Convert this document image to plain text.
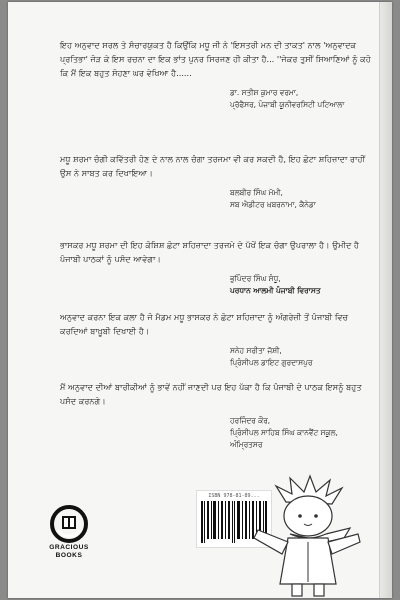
ਇਹ ਅਨੁਵਾਦ ਸਰਲ ਤੇ ਸੰਚਾਰਯੁਕਤ ਹੈ ਕਿਉਂਕਿ ਮਧੂ ਜੀ ਨੇ 'ਇਸਤਰੀ ਮਨ ਦੀ ਤਾਕਤ' ਨਾਲ 'ਅਨੁਵਾਦਕ ਪ੍ਰਤਿਭਾ' ਜੋੜ ਕੇ ਇਸ ਰਚਨਾ ਦਾ ਇਕ ਭਾਂਤ ਪੁਨਰ ਸਿਰਜਣ ਹੀ ਕੀਤਾ ਹੈ... ''ਜੇਕਰ ਤੁਸੀਂ ਸਿਆਣਿਆਂ ਨੂੰ ਕਹੋ ਕਿ ਮੈਂ ਇਕ ਬਹੁਤ ਸੋਹਣਾ ਘਰ ਵੇਖਿਆ ਹੈ......

ਡਾ. ਸਤੀਸ਼ ਕੁਮਾਰ ਵਰਮਾ,

ਪ੍ਰੋਫੈਸਰ, ਪੰਜਾਬੀ ਯੂਨੀਵਰਸਿਟੀ ਪਟਿਆਲਾ

ਮਧੂ ਸ਼ਰਮਾ ਚੰਗੀ ਕਵਿੱਤਰੀ ਹੋਣ ਦੇ ਨਾਲ ਨਾਲ ਚੰਗਾ ਤਰਜਮਾ ਵੀ ਕਰ ਸਕਦੀ ਹੈ, ਇਹ ਛੋਟਾ ਸ਼ਹਿਜ਼ਾਦਾ ਰਾਹੀਂ ਉਸ ਨੇ ਸਾਬਤ ਕਰ ਦਿਖਾਇਆ।

ਬਲਬੀਰ ਸਿੰਘ ਮੋਮੀ,

ਸਬ ਐਡੀਟਰ ਖ਼ਬਰਨਾਮਾ, ਕੈਨੇਡਾ

ਭਾਸਕਰ ਮਧੂ ਸ਼ਰਮਾ ਦੀ ਇਹ ਕੋਸ਼ਿਸ਼ ਛੋਟਾ ਸ਼ਹਿਜ਼ਾਦਾ ਤਰਜਮੇ ਦੇ ਪੱਖੋਂ ਇਕ ਚੰਗਾ ਉਪਰਾਲਾ ਹੈ। ਉਮੀਦ ਹੈ ਪੰਜਾਬੀ ਪਾਠਕਾਂ ਨੂੰ ਪਸੰਦ ਆਵੇਗਾ।

ਭੁਪਿੰਦਰ ਸਿੰਘ ਸੰਧੂ,

ਪਰਧਾਨ ਆਲਮੀ ਪੰਜਾਬੀ ਵਿਰਾਸਤ

ਅਨੁਵਾਦ ਕਰਨਾ ਇਕ ਕਲਾ ਹੈ ਜੋ ਮੈਡਮ ਮਧੂ ਭਾਸਕਰ ਨੇ ਛੋਟਾ ਸ਼ਹਿਜ਼ਾਦਾ ਨੂੰ ਅੰਗਰੇਜ਼ੀ ਤੋਂ ਪੰਜਾਬੀ ਵਿਚ ਕਰਦਿਆਂ ਬਾਖ਼ੂਬੀ ਦਿਖਾਈ ਹੈ।

ਸਨੇਹ ਸਰੀਤਾ ਜੋਸ਼ੀ,

ਪ੍ਰਿੰਸੀਪਲ ਡਾਇਟ ਗੁਰਦਾਸਪੁਰ

ਮੈਂ ਅਨੁਵਾਦ ਦੀਆਂ ਬਾਰੀਕੀਆਂ ਨੂੰ ਭਾਵੇਂ ਨਹੀਂ ਜਾਣਦੀ ਪਰ ਇਹ ਪੱਕਾ ਹੈ ਕਿ ਪੰਜਾਬੀ ਦੇ ਪਾਠਕ ਇਸਨੂੰ ਬਹੁਤ ਪਸੰਦ ਕਰਨਗੇ।

ਹਰਜਿੰਦਰ ਕੌਰ,

ਪ੍ਰਿੰਸੀਪਲ ਸਾਹਿਬ ਸਿੰਘ ਕਾਨਵੈਂਟ ਸਕੂਲ, ਅੰਮ੍ਰਿਤਸਰ

GRACIOUS
BOOKS
ISBN 978-81-89...
